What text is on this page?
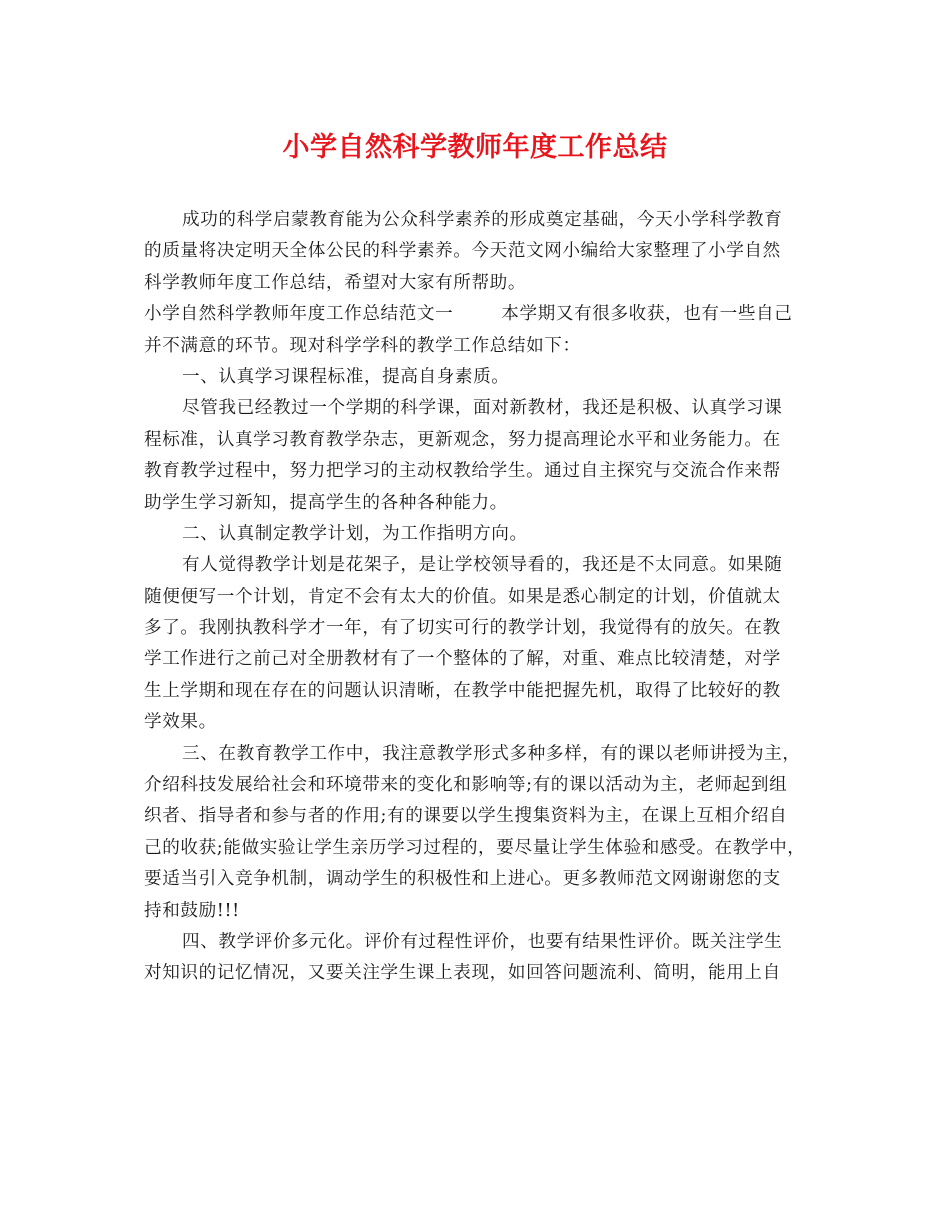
小学自然科学教师年度工作总结
成功的科学启蒙教育能为公众科学素养的形成奠定基础，今天小学科学教育
的质量将决定明天全体公民的科学素养。今天范文网小编给大家整理了小学自然
科学教师年度工作总结，希望对大家有所帮助。
小学自然科学教师年度工作总结范文一	本学期又有很多收获，也有一些自己
并不满意的环节。现对科学学科的教学工作总结如下：
一、认真学习课程标准，提高自身素质。
尽管我已经教过一个学期的科学课，面对新教材，我还是积极、认真学习课
程标准，认真学习教育教学杂志，更新观念，努力提高理论水平和业务能力。在
教育教学过程中，努力把学习的主动权教给学生。通过自主探究与交流合作来帮
助学生学习新知，提高学生的各种各种能力。
二、认真制定教学计划，为工作指明方向。
有人觉得教学计划是花架子，是让学校领导看的，我还是不太同意。如果随
随便便写一个计划，肯定不会有太大的价值。如果是悉心制定的计划，价值就太
多了。我刚执教科学才一年，有了切实可行的教学计划，我觉得有的放矢。在教
学工作进行之前己对全册教材有了一个整体的了解，对重、难点比较清楚，对学
生上学期和现在存在的问题认识清晰，在教学中能把握先机，取得了比较好的教
学效果。
三、在教育教学工作中，我注意教学形式多种多样，有的课以老师讲授为主，
介绍科技发展给社会和环境带来的变化和影响等;有的课以活动为主，老师起到组
织者、指导者和参与者的作用;有的课要以学生搜集资料为主，在课上互相介绍自
己的收获;能做实验让学生亲历学习过程的，要尽量让学生体验和感受。在教学中，
要适当引入竞争机制，调动学生的积极性和上进心。更多教师范文网谢谢您的支
持和鼓励!!!
四、教学评价多元化。评价有过程性评价，也要有结果性评价。既关注学生
对知识的记忆情况，又要关注学生课上表现，如回答问题流利、简明，能用上自
